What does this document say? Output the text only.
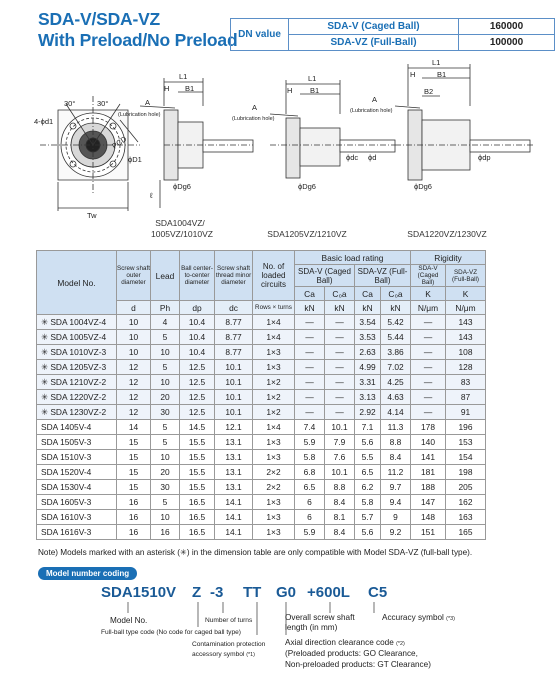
SDA-V/SDA-VZ
With Preload/No Preload DN value	SDA-V (Caged Ball)	160000
	SDA-VZ (Full-Ball)	100000
30°	30°
4-ϕd1
PCD
Tw
L1
H B1
A
(Lubrication hole)
ϕD1
ϕDg6
ℓ
L1
H B1
A
(Lubrication hole)
ϕDg6
ϕdc ϕd
L1
H	B1
B2
A
(Lubrication hole)
ϕDg6
ϕdp
SDA1004VZ/
1005VZ/1010VZ	SDA1205VZ/1210VZ	SDA1220VZ/1230VZ
Model No.	Screw shaft outer diameter	Lead	Ball center-to-center diameter	Screw shaft thread minor diameter	No. of loaded circuits	Basic load rating				Rigidity	
						SDA-V (Caged Ball)		SDA-VZ (Full-Ball)		SDA-V (Caged Ball)	SDA-VZ (Full-Ball)
						Ca	C₀a	Ca	C₀a	K	K
	d	Ph	dp	dc	Rows × turns	kN	kN	kN	kN	N/μm	N/μm
✳ SDA 1004VZ-4	10	4	10.4	8.77	1×4	—	—	3.54	5.42	—	143
✳ SDA 1005VZ-4	10	5	10.4	8.77	1×4	—	—	3.53	5.44	—	143
✳ SDA 1010VZ-3	10	10	10.4	8.77	1×3	—	—	2.63	3.86	—	108
✳ SDA 1205VZ-3	12	5	12.5	10.1	1×3	—	—	4.99	7.02	—	128
✳ SDA 1210VZ-2	12	10	12.5	10.1	1×2	—	—	3.31	4.25	—	83
✳ SDA 1220VZ-2	12	20	12.5	10.1	1×2	—	—	3.13	4.63	—	87
✳ SDA 1230VZ-2	12	30	12.5	10.1	1×2	—	—	2.92	4.14	—	91
SDA 1405V-4	14	5	14.5	12.1	1×4	7.4	10.1	7.1	11.3	178	196
SDA 1505V-3	15	5	15.5	13.1	1×3	5.9	7.9	5.6	8.8	140	153
SDA 1510V-3	15	10	15.5	13.1	1×3	5.8	7.6	5.5	8.4	141	154
SDA 1520V-4	15	20	15.5	13.1	2×2	6.8	10.1	6.5	11.2	181	198
SDA 1530V-4	15	30	15.5	13.1	2×2	6.5	8.8	6.2	9.7	188	205
SDA 1605V-3	16	5	16.5	14.1	1×3	6	8.4	5.8	9.4	147	162
SDA 1610V-3	16	10	16.5	14.1	1×3	6	8.1	5.7	9	148	163
SDA 1616V-3	16	16	16.5	14.1	1×3	5.9	8.4	5.6	9.2	151	165
Note) Models marked with an asterisk (✳) in the dimension table are only compatible with Model SDA-VZ (full-ball type).
Model number coding
SDA1510V Z -3 TT G0 +600L C5
Model No.
Full-ball type code (No code for caged ball type)
Number of turns
Contamination protection
accessory symbol (*1)
Overall screw shaft
length (in mm)
Accuracy symbol (*3)
Axial direction clearance code (*2)
(Preloaded products: GO Clearance,
Non-preloaded products: GT Clearance)
